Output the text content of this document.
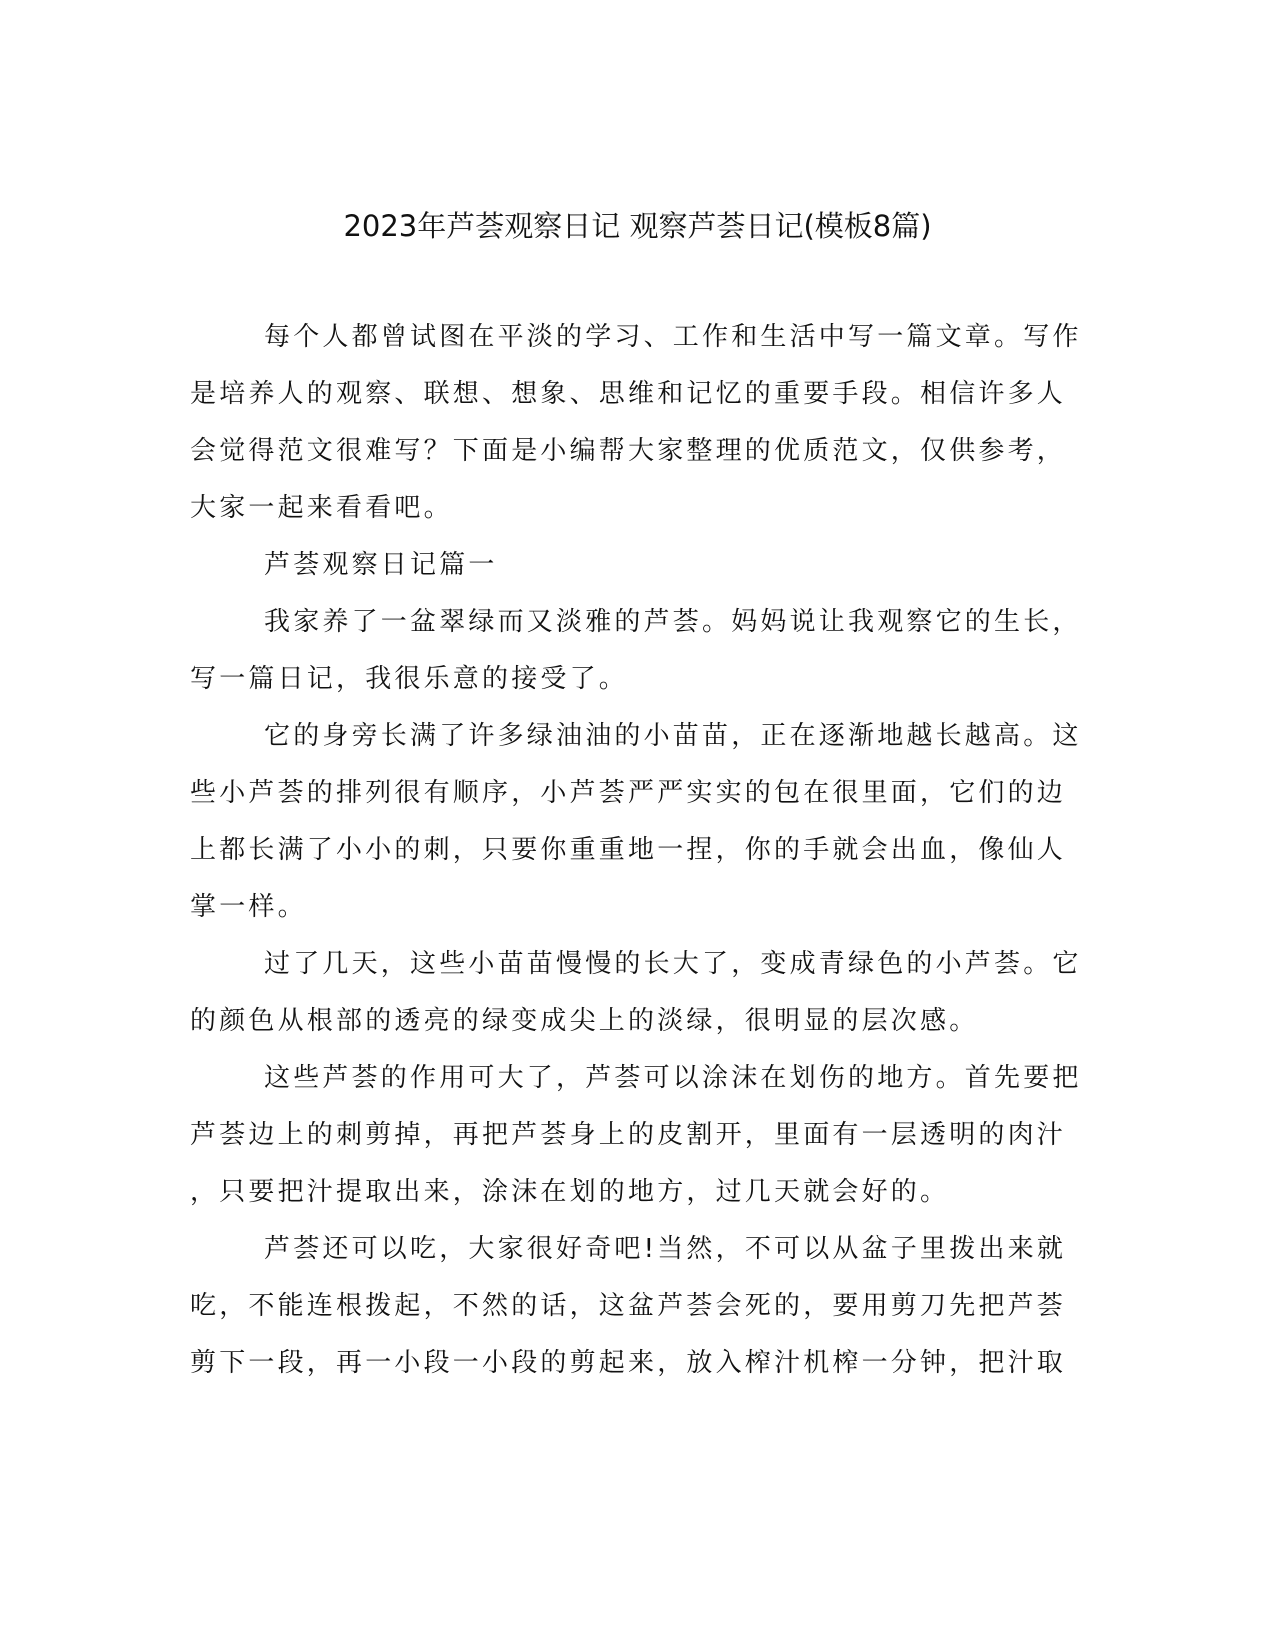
2023年芦荟观察日记 观察芦荟日记(模板8篇)
每个人都曾试图在平淡的学习、工作和生活中写一篇文章。写作
是培养人的观察、联想、想象、思维和记忆的重要手段。相信许多人
会觉得范文很难写？下面是小编帮大家整理的优质范文，仅供参考，
大家一起来看看吧。
芦荟观察日记篇一
我家养了一盆翠绿而又淡雅的芦荟。妈妈说让我观察它的生长，
写一篇日记，我很乐意的接受了。
它的身旁长满了许多绿油油的小苗苗，正在逐渐地越长越高。这
些小芦荟的排列很有顺序，小芦荟严严实实的包在很里面，它们的边
上都长满了小小的刺，只要你重重地一捏，你的手就会出血，像仙人
掌一样。
过了几天，这些小苗苗慢慢的长大了，变成青绿色的小芦荟。它
的颜色从根部的透亮的绿变成尖上的淡绿，很明显的层次感。
这些芦荟的作用可大了，芦荟可以涂沫在划伤的地方。首先要把
芦荟边上的刺剪掉，再把芦荟身上的皮割开，里面有一层透明的肉汁
，只要把汁提取出来，涂沫在划的地方，过几天就会好的。
芦荟还可以吃，大家很好奇吧!当然，不可以从盆子里拨出来就
吃，不能连根拨起，不然的话，这盆芦荟会死的，要用剪刀先把芦荟
剪下一段，再一小段一小段的剪起来，放入榨汁机榨一分钟，把汁取
